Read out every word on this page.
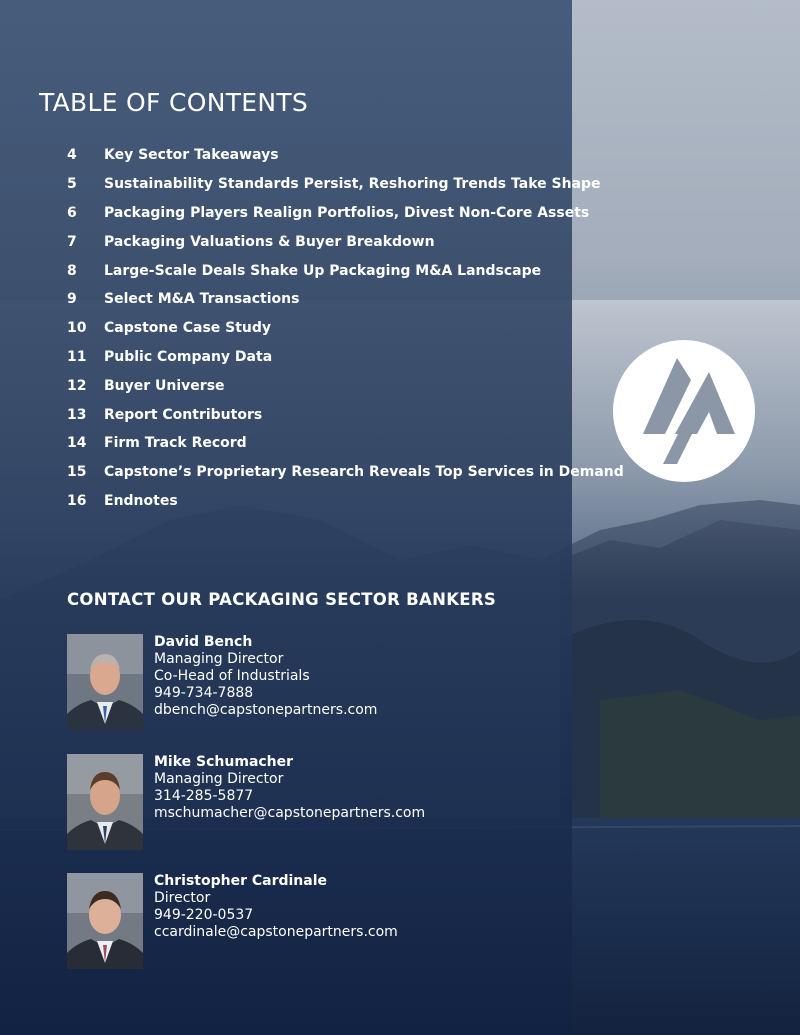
TABLE OF CONTENTS
4	Key Sector Takeaways
5	Sustainability Standards Persist, Reshoring Trends Take Shape
6	Packaging Players Realign Portfolios, Divest Non-Core Assets
7	Packaging Valuations & Buyer Breakdown
8	Large-Scale Deals Shake Up Packaging M&A Landscape
9	Select M&A Transactions
10	Capstone Case Study
11	Public Company Data
12	Buyer Universe
13	Report Contributors
14	Firm Track Record
15	Capstone’s Proprietary Research Reveals Top Services in Demand
16	Endnotes
CONTACT OUR PACKAGING SECTOR BANKERS
David Bench
Managing Director
Co-Head of Industrials
949-734-7888
dbench@capstonepartners.com
Mike Schumacher
Managing Director
314-285-5877
mschumacher@capstonepartners.com
Christopher Cardinale
Director
949-220-0537
ccardinale@capstonepartners.com
